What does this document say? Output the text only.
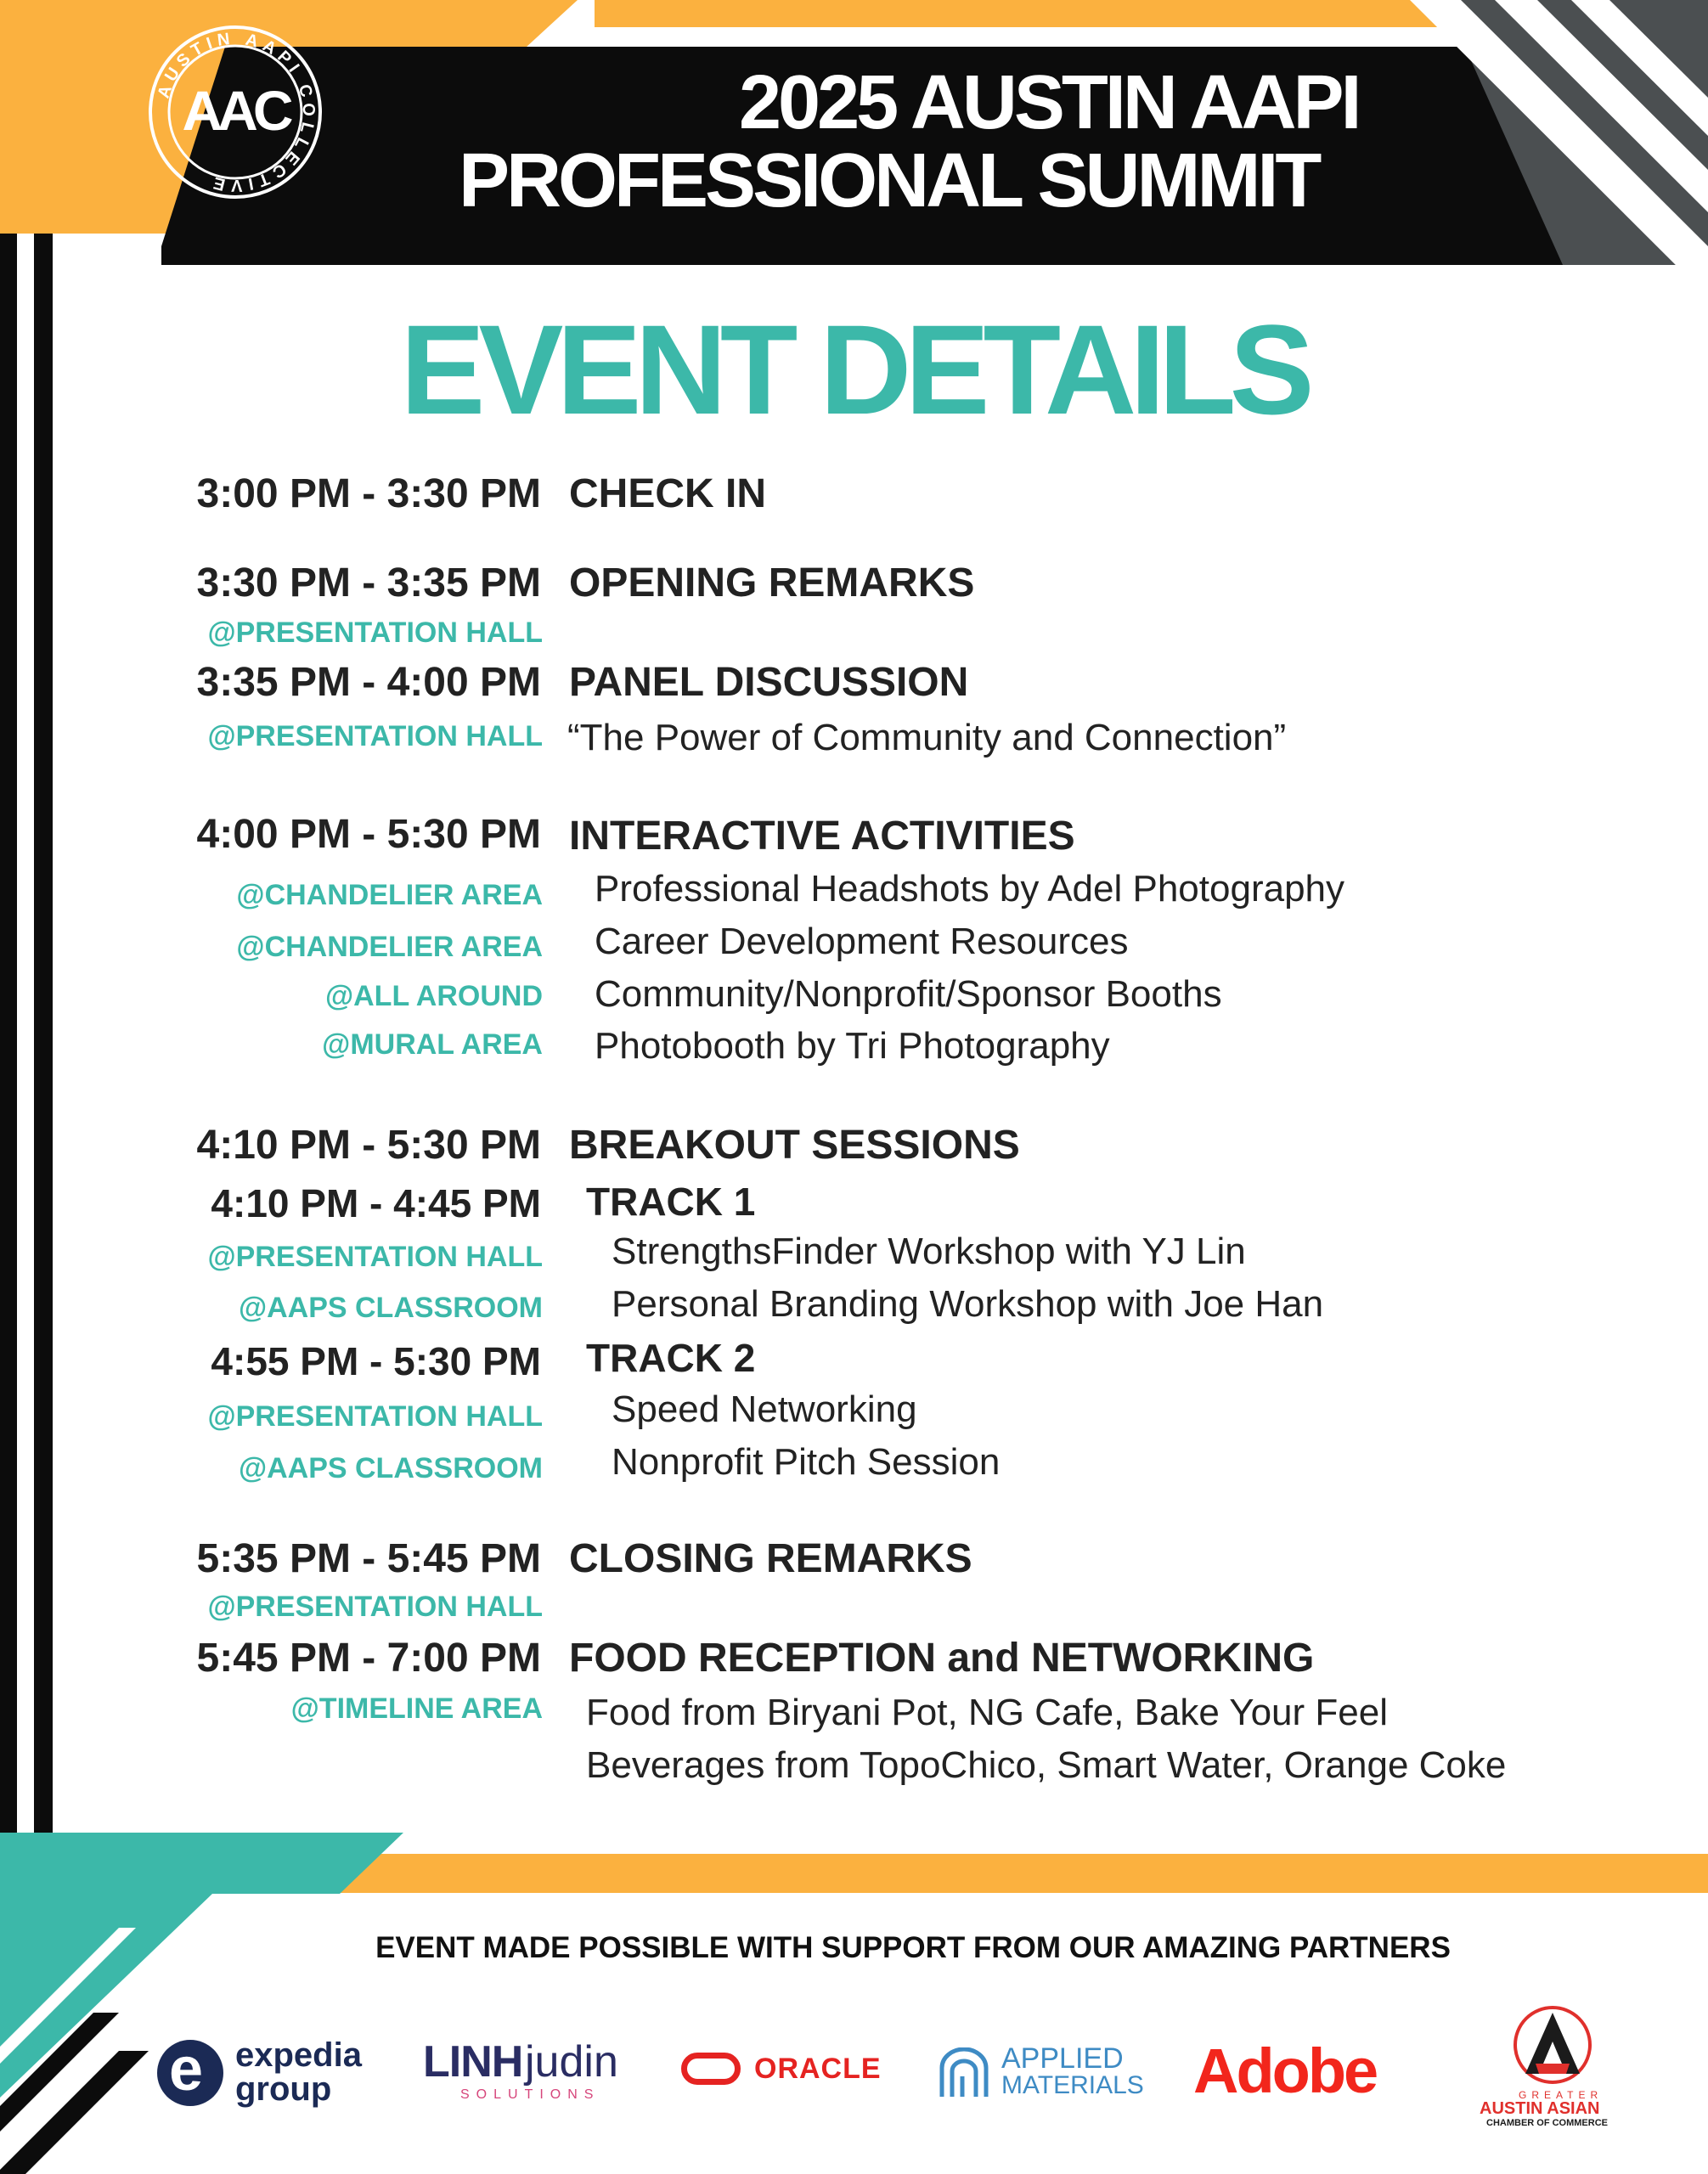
AUSTIN AAPI COLLECTIVE
AAC	2025 AUSTIN AAPI
PROFESSIONAL SUMMIT
EVENT DETAILS
3:00 PM - 3:30 PM CHECK IN
3:30 PM - 3:35 PM OPENING REMARKS
@PRESENTATION HALL
3:35 PM - 4:00 PM PANEL DISCUSSION
@PRESENTATION HALL “The Power of Community and Connection”
4:00 PM - 5:30 PM INTERACTIVE ACTIVITIES
@CHANDELIER AREA Professional Headshots by Adel Photography
@CHANDELIER AREA Career Development Resources
@ALL AROUND Community/Nonprofit/Sponsor Booths
@MURAL AREA Photobooth by Tri Photography
4:10 PM - 5:30 PM BREAKOUT SESSIONS
4:10 PM - 4:45 PM TRACK 1
@PRESENTATION HALL StrengthsFinder Workshop with YJ Lin
@AAPS CLASSROOM Personal Branding Workshop with Joe Han
4:55 PM - 5:30 PM TRACK 2
@PRESENTATION HALL Speed Networking
@AAPS CLASSROOM Nonprofit Pitch Session
5:35 PM - 5:45 PM CLOSING REMARKS
@PRESENTATION HALL
5:45 PM - 7:00 PM FOOD RECEPTION and NETWORKING
@TIMELINE AREA Food from Biryani Pot, NG Cafe, Bake Your Feel
Beverages from TopoChico, Smart Water, Orange Coke
EVENT MADE POSSIBLE WITH SUPPORT FROM OUR AMAZING PARTNERS
e expedia
group
LINH judin
SOLUTIONS
ORACLE	APPLIED
MATERIALS Adobe	GREATER
AUSTIN ASIAN
CHAMBER OF COMMERCE
